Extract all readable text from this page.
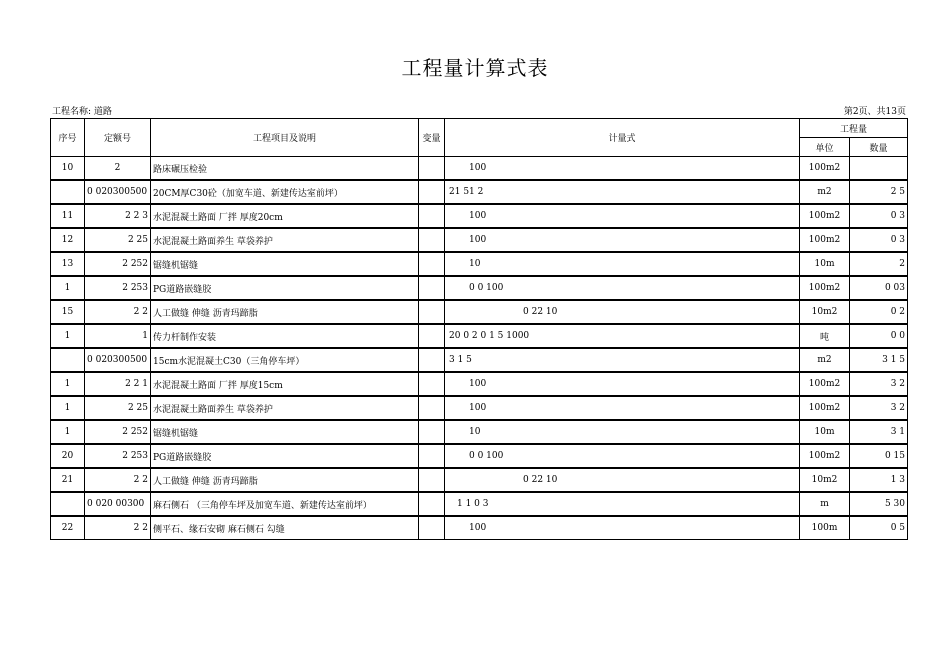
工程量计算式表
工程名称: 道路	第2页、共13页
序号	定额号	工程项目及说明	变量	计量式	工程量	
					单位	数量
10	2	路床碾压检验		100	100m2	
	0 020300500	20CM厚C30砼（加宽车道、新建传达室前坪）		21 51 2	m2	2 5
11	2 2 3	水泥混凝土路面 厂拌 厚度20cm		100	100m2	0 3
12	2 25	水泥混凝土路面养生 草袋养护		100	100m2	0 3
13	2 252	锯缝机锯缝		10	10m	2
1	2 253	PG道路嵌缝胶		0 0 100	100m2	0 03
15	2 2	人工做缝 伸缝 沥青玛蹄脂		0 22 10	10m2	0 2
1	1	传力杆制作安装		20 0 2 0 1 5 1000	吨	0 0
	0 020300500	15cm水泥混凝土C30（三角停车坪）		3 1 5	m2	3 1 5
1	2 2 1	水泥混凝土路面 厂拌 厚度15cm		100	100m2	3 2
1	2 25	水泥混凝土路面养生 草袋养护		100	100m2	3 2
1	2 252	锯缝机锯缝		10	10m	3 1
20	2 253	PG道路嵌缝胶		0 0 100	100m2	0 15
21	2 2	人工做缝 伸缝 沥青玛蹄脂		0 22 10	10m2	1 3
	0 020 00300	麻石侧石 （三角停车坪及加宽车道、新建传达室前坪）		1 1 0 3	m	5 30
22	2 2	侧平石、缘石安砌 麻石侧石 勾缝		100	100m	0 5
